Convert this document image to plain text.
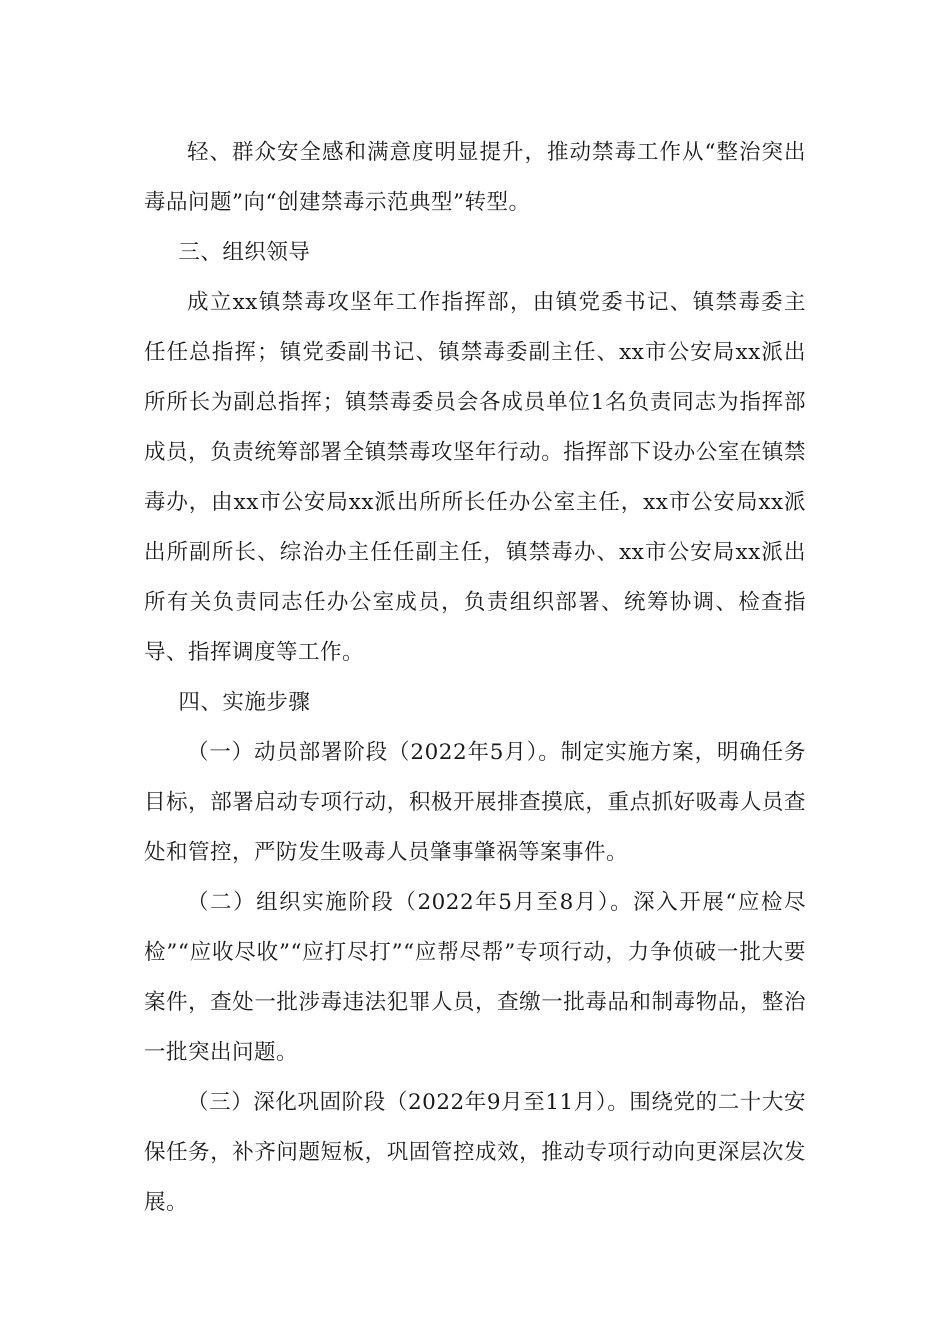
轻、群众安全感和满意度明显提升，推动禁毒工作从“整治突出毒品问题”向“创建禁毒示范典型”转型。

三、组织领导

成立xx镇禁毒攻坚年工作指挥部，由镇党委书记、镇禁毒委主任任总指挥；镇党委副书记、镇禁毒委副主任、xx市公安局xx派出所所长为副总指挥；镇禁毒委员会各成员单位1名负责同志为指挥部成员，负责统筹部署全镇禁毒攻坚年行动。指挥部下设办公室在镇禁毒办，由xx市公安局xx派出所所长任办公室主任，xx市公安局xx派出所副所长、综治办主任任副主任，镇禁毒办、xx市公安局xx派出所有关负责同志任办公室成员，负责组织部署、统筹协调、检查指导、指挥调度等工作。

四、实施步骤

（一）动员部署阶段（2022年5月）。制定实施方案，明确任务目标，部署启动专项行动，积极开展排查摸底，重点抓好吸毒人员查处和管控，严防发生吸毒人员肇事肇祸等案事件。

（二）组织实施阶段（2022年5月至8月）。深入开展“应检尽检”“应收尽收”“应打尽打”“应帮尽帮”专项行动，力争侦破一批大要案件，查处一批涉毒违法犯罪人员，查缴一批毒品和制毒物品，整治一批突出问题。

（三）深化巩固阶段（2022年9月至11月）。围绕党的二十大安保任务，补齐问题短板，巩固管控成效，推动专项行动向更深层次发展。
